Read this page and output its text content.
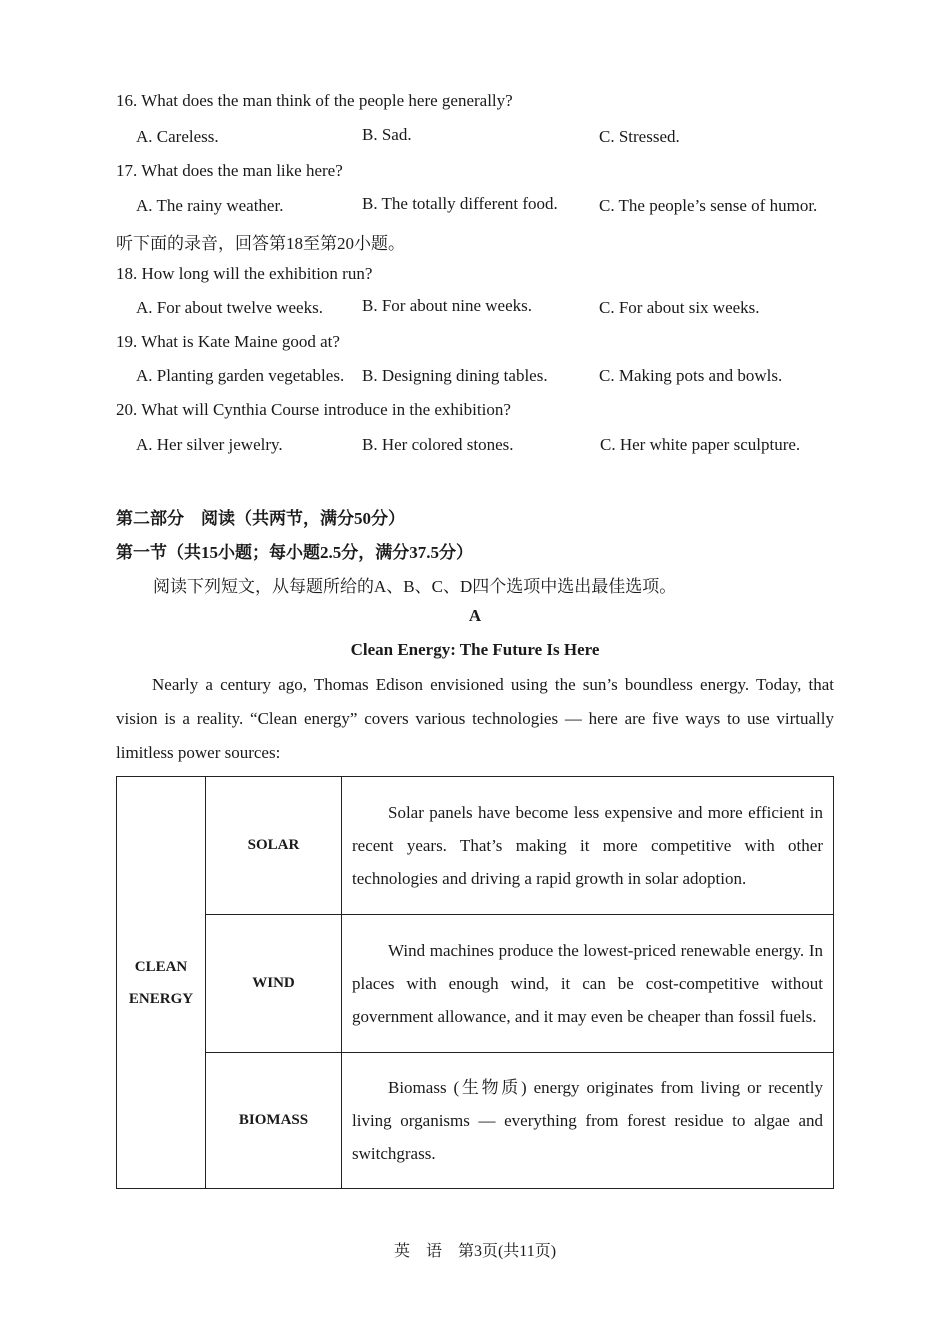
16. What does the man think of the people here generally?
A. Careless.	B. Sad.	C. Stressed.
17. What does the man like here?
A. The rainy weather.	B. The totally different food. C. The people’s sense of humor.
听下面的录音，回答第18至第20小题。
18. How long will the exhibition run?
A. For about twelve weeks. B. For about nine weeks.	C. For about six weeks.
19. What is Kate Maine good at?
A. Planting garden vegetables. B. Designing dining tables.	C. Making pots and bowls.
20. What will Cynthia Course introduce in the exhibition?
A. Her silver jewelry.	B. Her colored stones.	C. Her white paper sculpture.
第二部分　阅读（共两节，满分50分）
第一节（共15小题；每小题2.5分，满分37.5分）
阅读下列短文，从每题所给的A、B、C、D四个选项中选出最佳选项。
A
Clean Energy: The Future Is Here
Nearly a century ago, Thomas Edison envisioned using the sun’s boundless energy. Today, that vision is a reality. “Clean energy” covers various technologies — here are five ways to use virtually limitless power sources:
CLEAN
ENERGY	SOLAR	Solar panels have become less expensive and more efficient in recent years. That’s making it more competitive with other technologies and driving a rapid growth in solar adoption.
	WIND	Wind machines produce the lowest-priced renewable energy. In places with enough wind, it can be cost-competitive without government allowance, and it may even be cheaper than fossil fuels.
	BIOMASS	Biomass (生物质) energy originates from living or recently living organisms — everything from forest residue to algae and switchgrass.
英　语　第3页(共11页)
